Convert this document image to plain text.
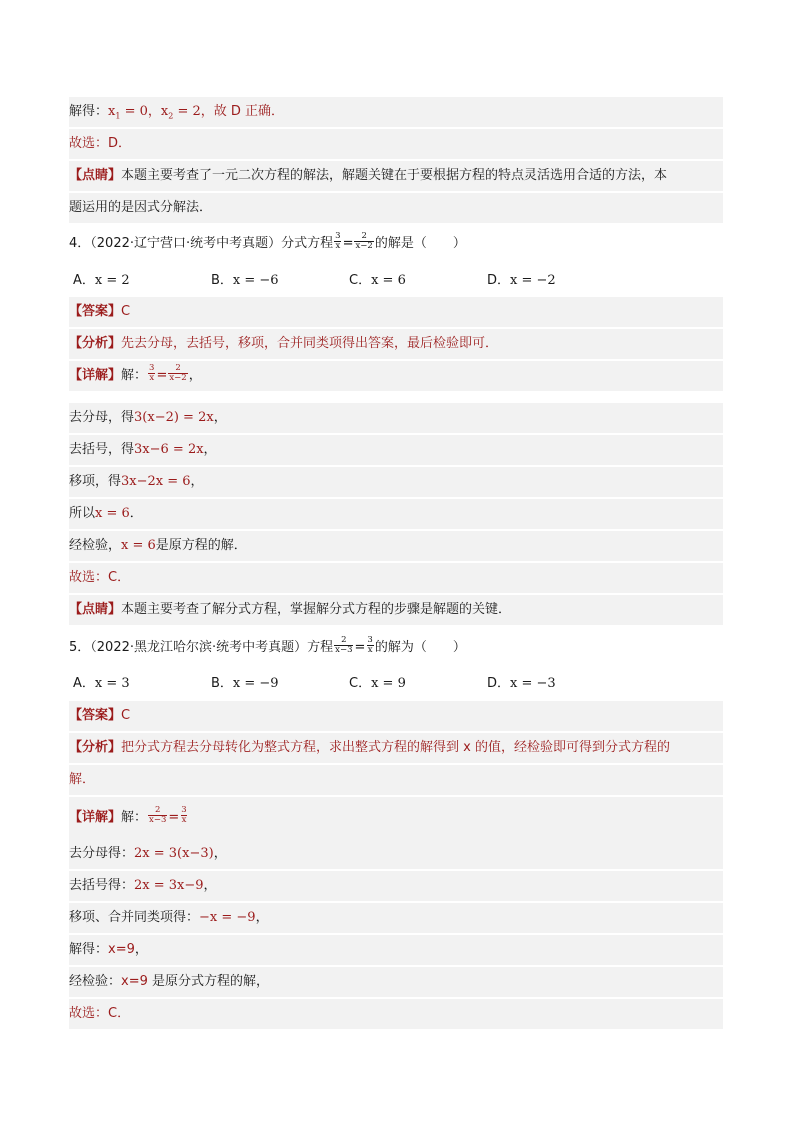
解得：$x_1 = 0$，$x_2 = 2$，故 D 正确．
故选：D．
【点睛】本题主要考查了一元二次方程的解法，解题关键在于要根据方程的特点灵活选用合适的方法，本
题运用的是因式分解法．
4．（2022·辽宁营口·统考中考真题）分式方程 $\frac{3}{x} = \frac{2}{x-2}$ 的解是（　　）
A．x = 2	B．x = −6	C．x = 6	D．x = −2
【答案】C
【分析】先去分母，去括号，移项，合并同类项得出答案，最后检验即可．
【详解】解： $\frac{3}{x} = \frac{2}{x-2}$ ，
去分母，得3(x−2) = 2x，
去括号，得3x−6 = 2x，
移项，得3x−2x = 6，
所以x = 6．
经检验，x = 6是原方程的解．
故选：C．
【点睛】本题主要考查了解分式方程，掌握解分式方程的步骤是解题的关键．
5．（2022·黑龙江哈尔滨·统考中考真题）方程 $\frac{2}{x-3} = \frac{3}{x}$ 的解为（　　）
A．x = 3	B．x = −9	C．x = 9	D．x = −3
【答案】C
【分析】把分式方程去分母转化为整式方程，求出整式方程的解得到 x 的值，经检验即可得到分式方程的
解．
【详解】解： $\frac{2}{x-3} = \frac{3}{x}$
去分母得：2x = 3(x−3)，
去括号得：2x = 3x−9，
移项、合并同类项得：−x = −9，
解得：x=9，
经检验：x=9 是原分式方程的解，
故选：C．
